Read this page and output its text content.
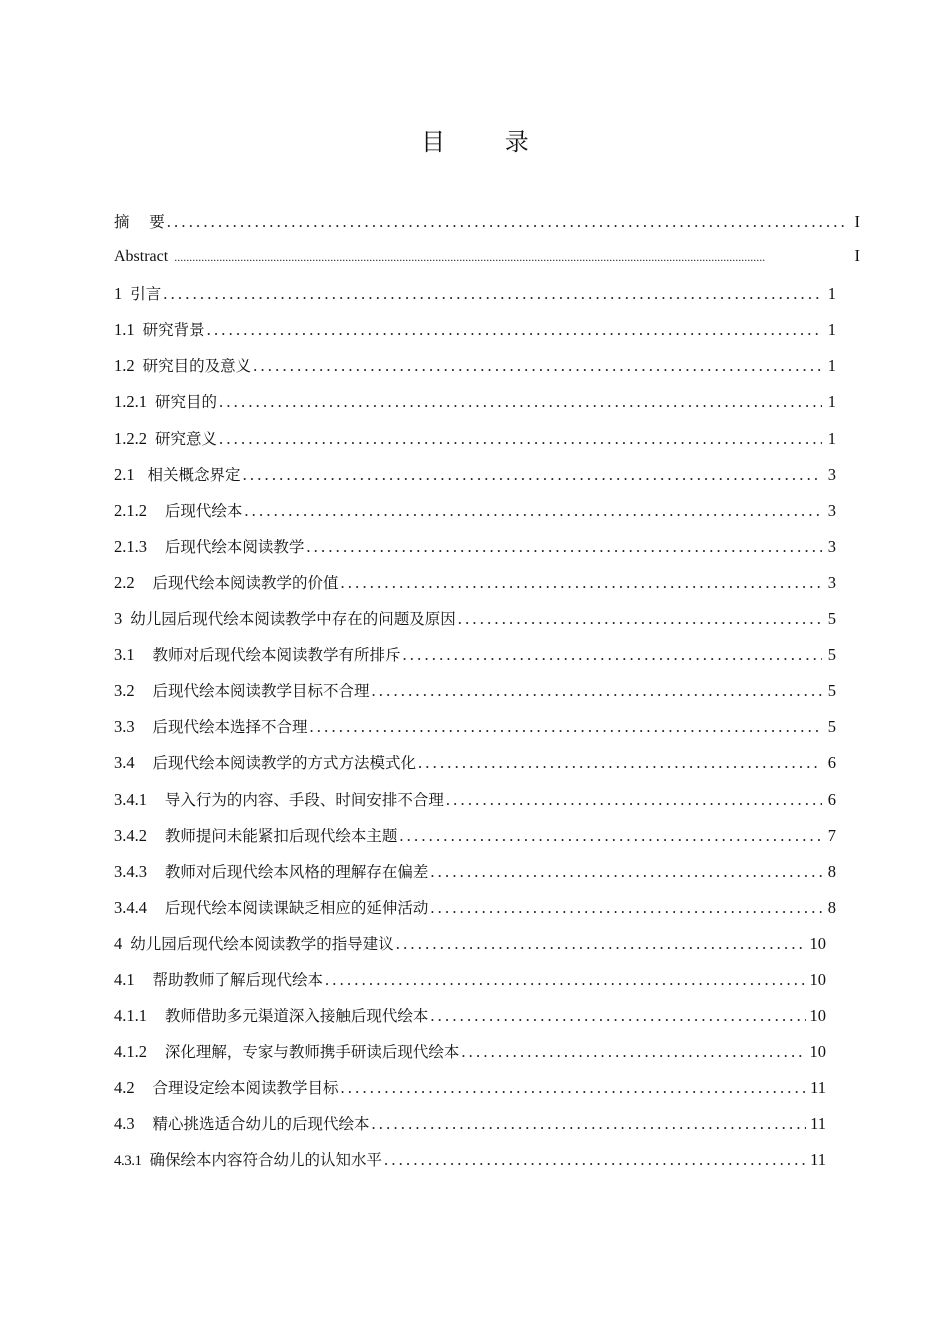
目 录
摘    要 .....	I
Abstract .....	I
1 引言 .....	1
1.1 研究背景 .....	1
1.2 研究目的及意义 .....	1
1.2.1 研究目的 .....	1
1.2.2 研究意义 .....	1
2.1 相关概念界定 .....	3
2.1.2 后现代绘本 .....	3
2.1.3 后现代绘本阅读教学 .....	3
2.2 后现代绘本阅读教学的价值 .....	3
3 幼儿园后现代绘本阅读教学中存在的问题及原因 .....	5
3.1 教师对后现代绘本阅读教学有所排斥 .....	5
3.2 后现代绘本阅读教学目标不合理 .....	5
3.3 后现代绘本选择不合理 .....	5
3.4 后现代绘本阅读教学的方式方法模式化 .....	6
3.4.1 导入行为的内容、手段、时间安排不合理 .....	6
3.4.2 教师提问未能紧扣后现代绘本主题 .....	7
3.4.3 教师对后现代绘本风格的理解存在偏差 .....	8
3.4.4 后现代绘本阅读课缺乏相应的延伸活动 .....	8
4 幼儿园后现代绘本阅读教学的指导建议 .....	10
4.1 帮助教师了解后现代绘本 .....	10
4.1.1 教师借助多元渠道深入接触后现代绘本 .....	10
4.1.2 深化理解，专家与教师携手研读后现代绘本 .....	10
4.2 合理设定绘本阅读教学目标 .....	11
4.3 精心挑选适合幼儿的后现代绘本 .....	11
4.3.1 确保绘本内容符合幼儿的认知水平 .....	11
